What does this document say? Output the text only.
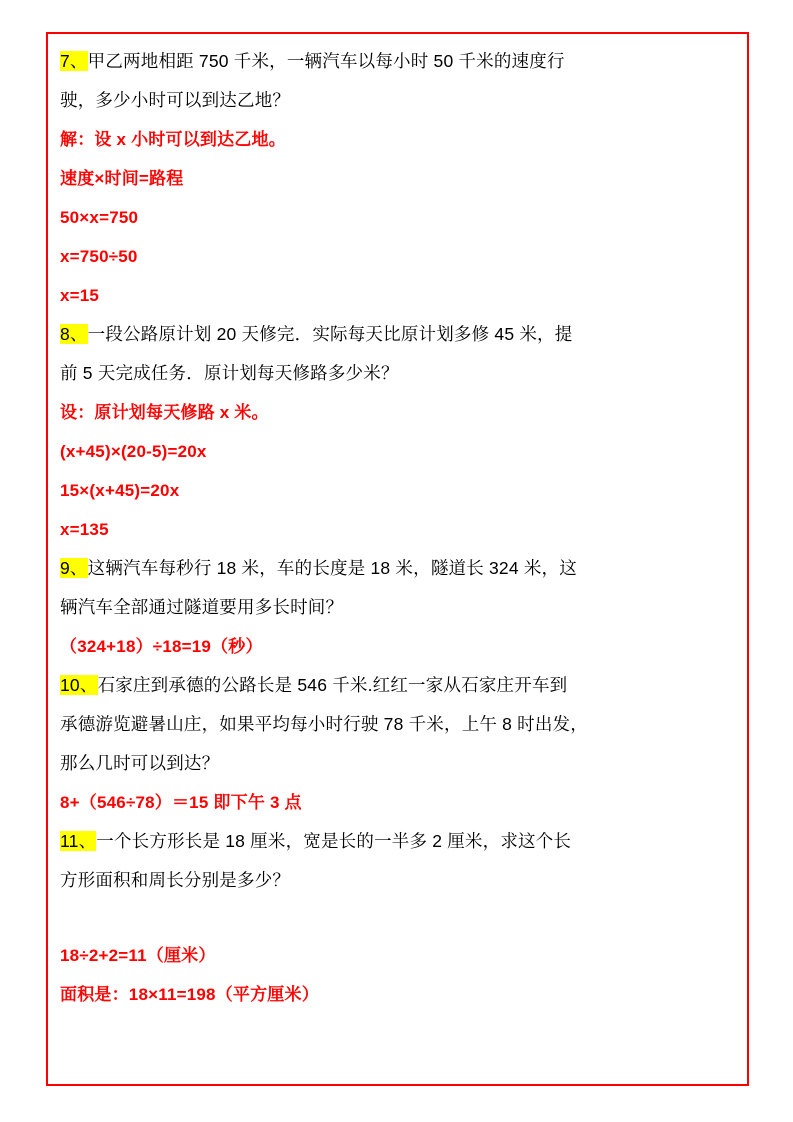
7、甲乙两地相距 750 千米，一辆汽车以每小时 50 千米的速度行
驶，多少小时可以到达乙地？
解：设 x 小时可以到达乙地。
速度×时间=路程
50×x=750
x=750÷50
x=15
8、一段公路原计划 20 天修完．实际每天比原计划多修 45 米，提
前 5 天完成任务．原计划每天修路多少米？
设：原计划每天修路 x 米。
(x+45)×(20-5)=20x
15×(x+45)=20x
x=135
9、这辆汽车每秒行 18 米，车的长度是 18 米，隧道长 324 米，这
辆汽车全部通过隧道要用多长时间？
（324+18）÷18=19（秒）
10、石家庄到承德的公路长是 546 千米.红红一家从石家庄开车到
承德游览避暑山庄，如果平均每小时行驶 78 千米，上午 8 时出发，
那么几时可以到达？
8+（546÷78）＝15 即下午 3 点
11、一个长方形长是 18 厘米，宽是长的一半多 2 厘米，求这个长
方形面积和周长分别是多少？
18÷2+2=11（厘米）
面积是：18×11=198（平方厘米）
